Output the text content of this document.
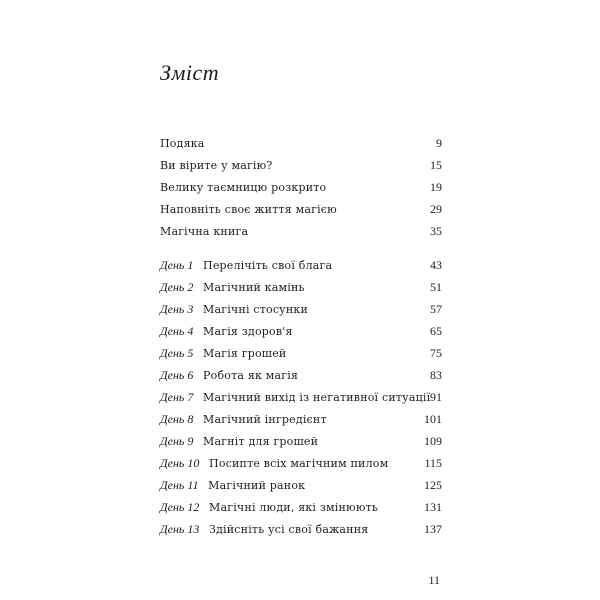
Зміст
Подяка	9
Ви вірите у магію?	15
Велику таємницю розкрито	19
Наповніть своє життя магією	29
Магічна книга	35
День 1 Перелічіть свої блага	43
День 2 Магічний камінь	51
День 3 Магічні стосунки	57
День 4 Магія здоров'я	65
День 5 Магія грошей	75
День 6 Робота як магія	83
День 7 Магічний вихід із негативної ситуації 91
День 8 Магічний інгредієнт	101
День 9 Магніт для грошей	109
День 10 Посипте всіх магічним пилом	115
День 11 Магічний ранок	125
День 12 Магічні люди, які змінюють	131
День 13 Здійсніть усі свої бажання	137
11
